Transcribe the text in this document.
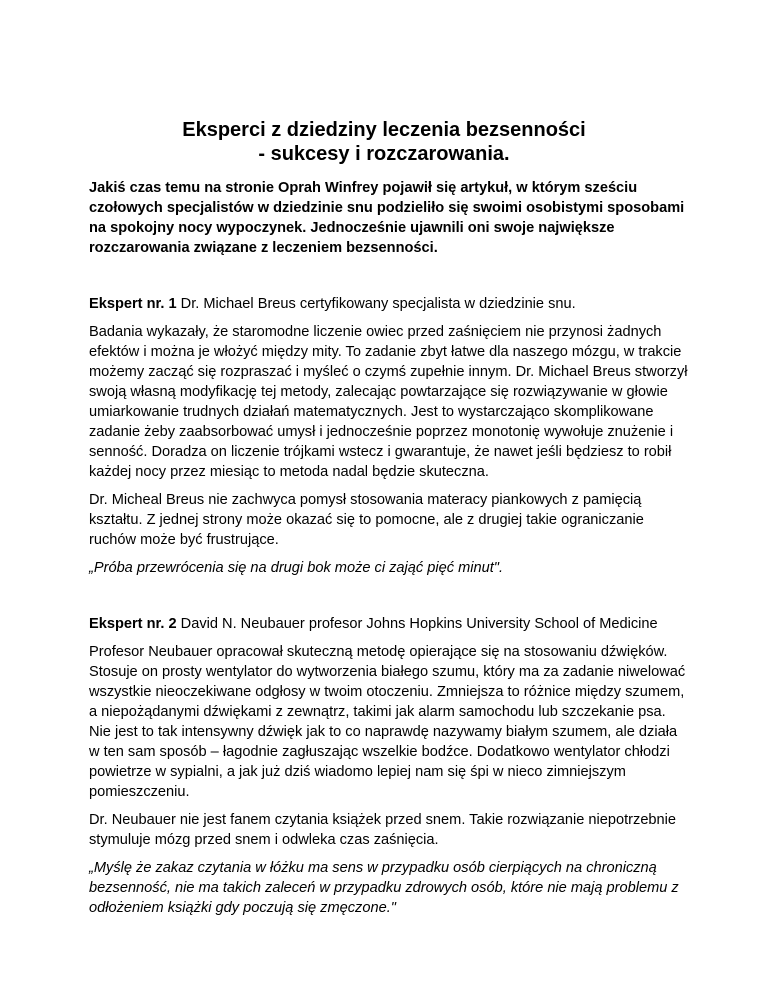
Eksperci z dziedziny leczenia bezsenności
- sukcesy i rozczarowania.

Jakiś czas temu na stronie Oprah Winfrey pojawił się artykuł, w którym sześciu czołowych specjalistów w dziedzinie snu podzieliło się swoimi osobistymi sposobami na spokojny nocy wypoczynek. Jednocześnie ujawnili oni swoje największe rozczarowania związane z leczeniem bezsenności.

Ekspert nr. 1 Dr. Michael Breus certyfikowany specjalista w dziedzinie snu.

Badania wykazały, że staromodne liczenie owiec przed zaśnięciem nie przynosi żadnych efektów i można je włożyć między mity. To zadanie zbyt łatwe dla naszego mózgu, w trakcie możemy zacząć się rozpraszać i myśleć o czymś zupełnie innym. Dr. Michael Breus stworzył swoją własną modyfikację tej metody, zalecając powtarzające się rozwiązywanie w głowie umiarkowanie trudnych działań matematycznych. Jest to wystarczająco skomplikowane zadanie żeby zaabsorbować umysł i jednocześnie poprzez monotonię wywołuje znużenie i senność. Doradza on liczenie trójkami wstecz i gwarantuje, że nawet jeśli będziesz to robił każdej nocy przez miesiąc to metoda nadal będzie skuteczna.

Dr. Micheal Breus nie zachwyca pomysł stosowania materacy piankowych z pamięcią kształtu. Z jednej strony może okazać się to pomocne, ale z drugiej takie ograniczanie ruchów może być frustrujące.

„Próba przewrócenia się na drugi bok może ci zająć pięć minut".

Ekspert nr. 2 David N. Neubauer profesor Johns Hopkins University School of Medicine

Profesor Neubauer opracował skuteczną metodę opierające się na stosowaniu dźwięków. Stosuje on prosty wentylator do wytworzenia białego szumu, który ma za zadanie niwelować wszystkie nieoczekiwane odgłosy w twoim otoczeniu. Zmniejsza to różnice między szumem, a niepożądanymi dźwiękami z zewnątrz, takimi jak alarm samochodu lub szczekanie psa. Nie jest to tak intensywny dźwięk jak to co naprawdę nazywamy białym szumem, ale działa w ten sam sposób – łagodnie zagłuszając wszelkie bodźce. Dodatkowo wentylator chłodzi powietrze w sypialni, a jak już dziś wiadomo lepiej nam się śpi w nieco zimniejszym pomieszczeniu.

Dr. Neubauer nie jest fanem czytania książek przed snem. Takie rozwiązanie niepotrzebnie stymuluje mózg przed snem i odwleka czas zaśnięcia.

„Myślę że zakaz czytania w łóżku ma sens w przypadku osób cierpiących na chroniczną bezsenność, nie ma takich zaleceń w przypadku zdrowych osób, które nie mają problemu z odłożeniem książki gdy poczują się zmęczone."
